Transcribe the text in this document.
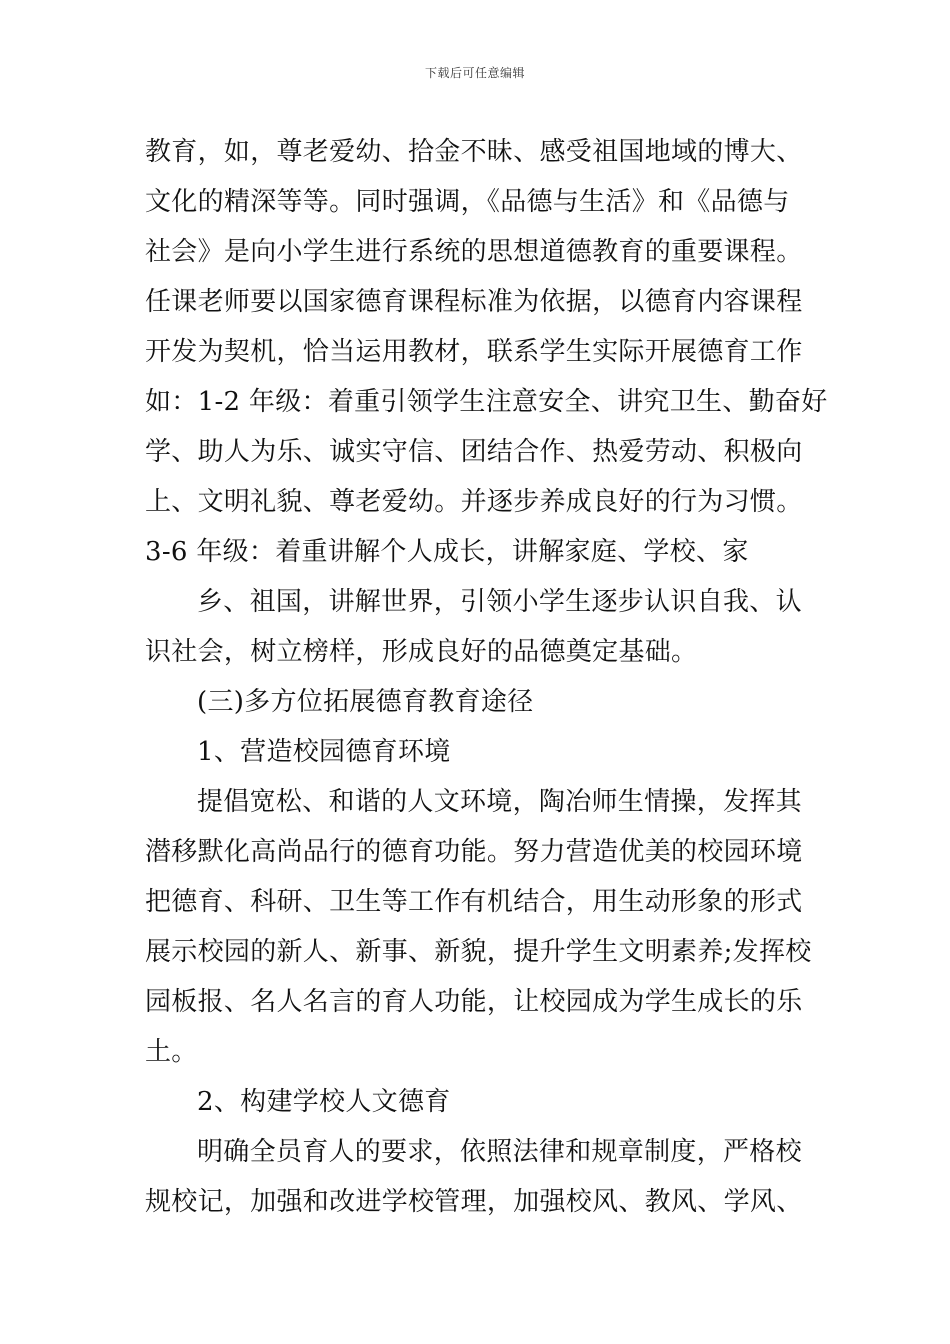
下载后可任意编辑
教育，如，尊老爱幼、拾金不昧、感受祖国地域的博大、
文化的精深等等。同时强调，《品德与生活》和《品德与
社会》是向小学生进行系统的思想道德教育的重要课程。
任课老师要以国家德育课程标准为依据，以德育内容课程
开发为契机，恰当运用教材，联系学生实际开展德育工作
如：1-2 年级：着重引领学生注意安全、讲究卫生、勤奋好
学、助人为乐、诚实守信、团结合作、热爱劳动、积极向
上、文明礼貌、尊老爱幼。并逐步养成良好的行为习惯。
3-6 年级：着重讲解个人成长，讲解家庭、学校、家
乡、祖国，讲解世界，引领小学生逐步认识自我、认
识社会，树立榜样，形成良好的品德奠定基础。
(三)多方位拓展德育教育途径
1、营造校园德育环境
提倡宽松、和谐的人文环境，陶冶师生情操，发挥其
潜移默化高尚品行的德育功能。努力营造优美的校园环境
把德育、科研、卫生等工作有机结合，用生动形象的形式
展示校园的新人、新事、新貌，提升学生文明素养;发挥校
园板报、名人名言的育人功能，让校园成为学生成长的乐
土。
2、构建学校人文德育
明确全员育人的要求，依照法律和规章制度，严格校
规校记，加强和改进学校管理，加强校风、教风、学风、
